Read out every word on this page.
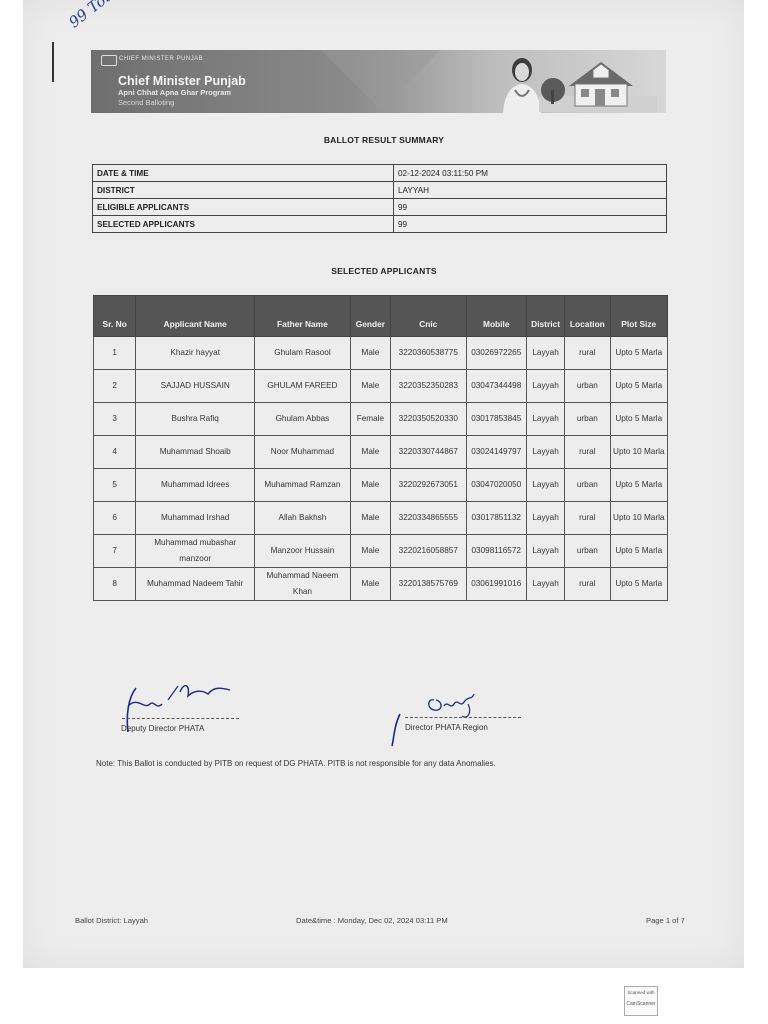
CHIEF MINISTER PUNJAB
Chief Minister Punjab
Apni Chhat Apna Ghar Program
Second Balloting
BALLOT RESULT SUMMARY
DATE & TIME	02-12-2024 03:11:50 PM
DISTRICT	LAYYAH
ELIGIBLE APPLICANTS	99
SELECTED APPLICANTS	99
SELECTED APPLICANTS
Sr. No	Applicant Name	Father Name	Gender	Cnic	Mobile	District	Location	Plot Size
1	Khazir hayyat	Ghulam Rasool	Male	3220360538775	03026972265	Layyah	rural	Upto 5 Marla
2	SAJJAD HUSSAIN	GHULAM FAREED	Male	3220352350283	03047344498	Layyah	urban	Upto 5 Marla
3	Bushra Rafiq	Ghulam Abbas	Female	3220350520330	03017853845	Layyah	urban	Upto 5 Marla
4	Muhammad Shoaib	Noor Muhammad	Male	3220330744867	03024149797	Layyah	rural	Upto 10 Marla
5	Muhammad Idrees	Muhammad Ramzan	Male	3220292673051	03047020050	Layyah	urban	Upto 5 Marla
6	Muhammad Irshad	Allah Bakhsh	Male	3220334865555	03017851132	Layyah	rural	Upto 10 Marla
7	Muhammad mubashar manzoor	Manzoor Hussain	Male	3220216058857	03098116572	Layyah	urban	Upto 5 Marla
8	Muhammad Nadeem Tahir	Muhammad Naeem Khan	Male	3220138575769	03061991016	Layyah	rural	Upto 5 Marla
Deputy Director PHATA	Director PHATA Region
Note: This Ballot is conducted by PITB on request of DG PHATA. PITB is not responsible for any data Anomalies.
Ballot District: Layyah	Date&time : Monday, Dec 02, 2024 03:11 PM	Page 1 of 7
Scanned with
CamScanner
